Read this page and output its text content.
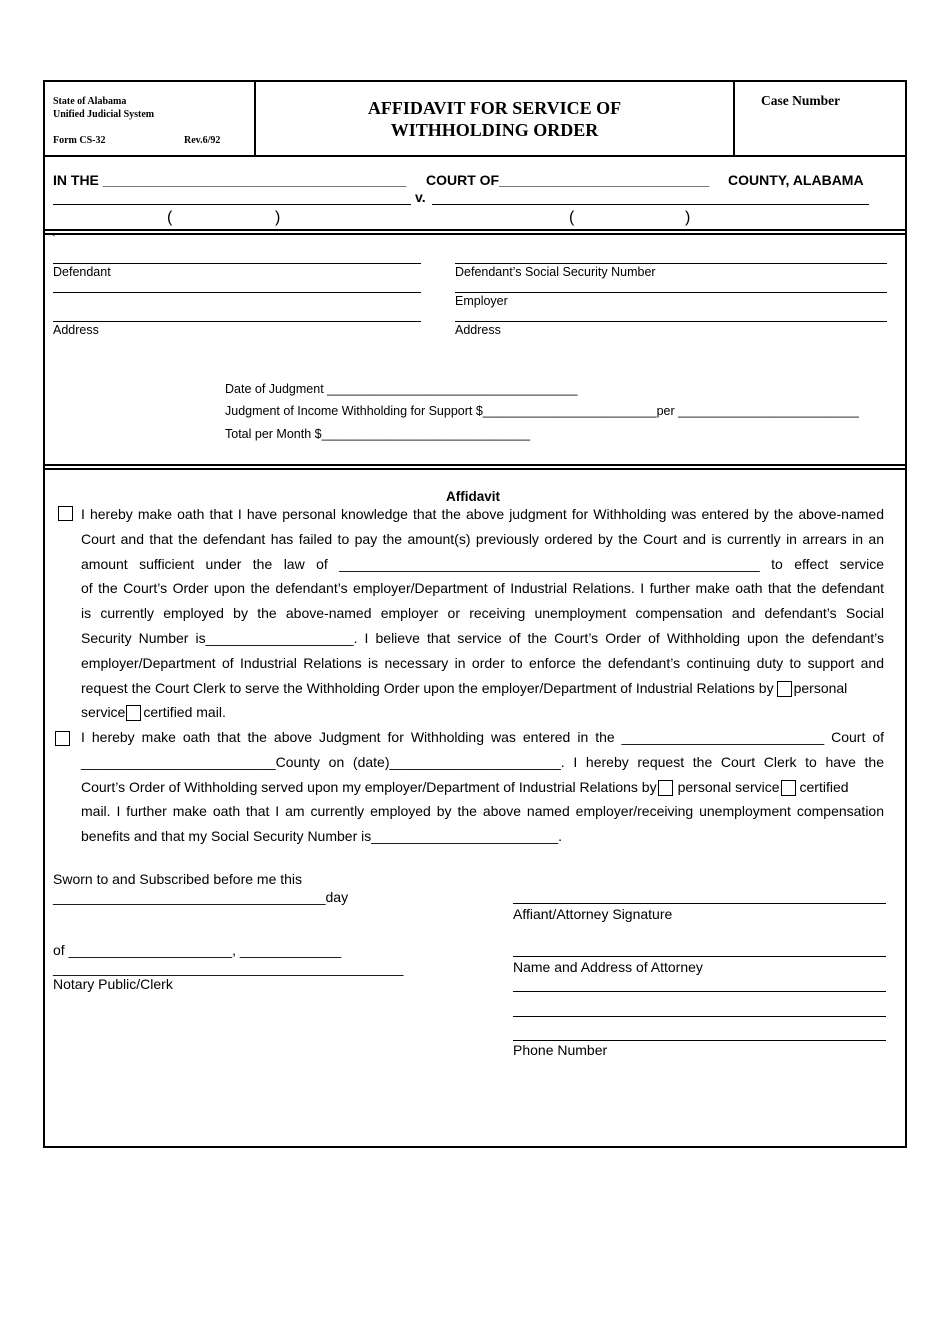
State of Alabama
Unified Judicial System
Form CS-32	Rev.6/92
AFFIDAVIT FOR SERVICE OF
WITHHOLDING ORDER
Case Number
IN THE _______________________________________ COURT OF___________________________ COUNTY, ALABAMA
v.
(	)	(	)
`
Defendant
Address
Defendant’s Social Security Number
Employer
Address
Date of Judgment ____________________________________
Judgment of Income Withholding for Support $_________________________per __________________________
Total per Month $______________________________
Affidavit
I hereby make oath that I have personal knowledge that the above judgment for Withholding was entered by the above-named
Court and that the defendant has failed to pay the amount(s) previously ordered by the Court and is currently in arrears in an
amount sufficient under the law of ______________________________________________________ to effect service
of the Court’s Order upon the defendant’s employer/Department of Industrial Relations. I further make oath that the defendant
is currently employed by the above-named employer or receiving unemployment compensation and defendant’s Social
Security Number is___________________. I believe that service of the Court’s Order of Withholding upon the defendant’s
employer/Department of Industrial Relations is necessary in order to enforce the defendant’s continuing duty to support and
request the Court Clerk to serve the Withholding Order upon the employer/Department of Industrial Relations by personal
service certified mail.
I hereby make oath that the above Judgment for Withholding was entered in the __________________________ Court of
_________________________County on (date)______________________. I hereby request the Court Clerk to have the
Court’s Order of Withholding served upon my employer/Department of Industrial Relations by personal service certified
mail. I further make oath that I am currently employed by the above named employer/receiving unemployment compensation
benefits and that my Social Security Number is________________________.
Sworn to and Subscribed before me this
___________________________________day
of _____________________, _____________
_____________________________________________
Notary Public/Clerk
Affiant/Attorney Signature
Name and Address of Attorney
Phone Number
